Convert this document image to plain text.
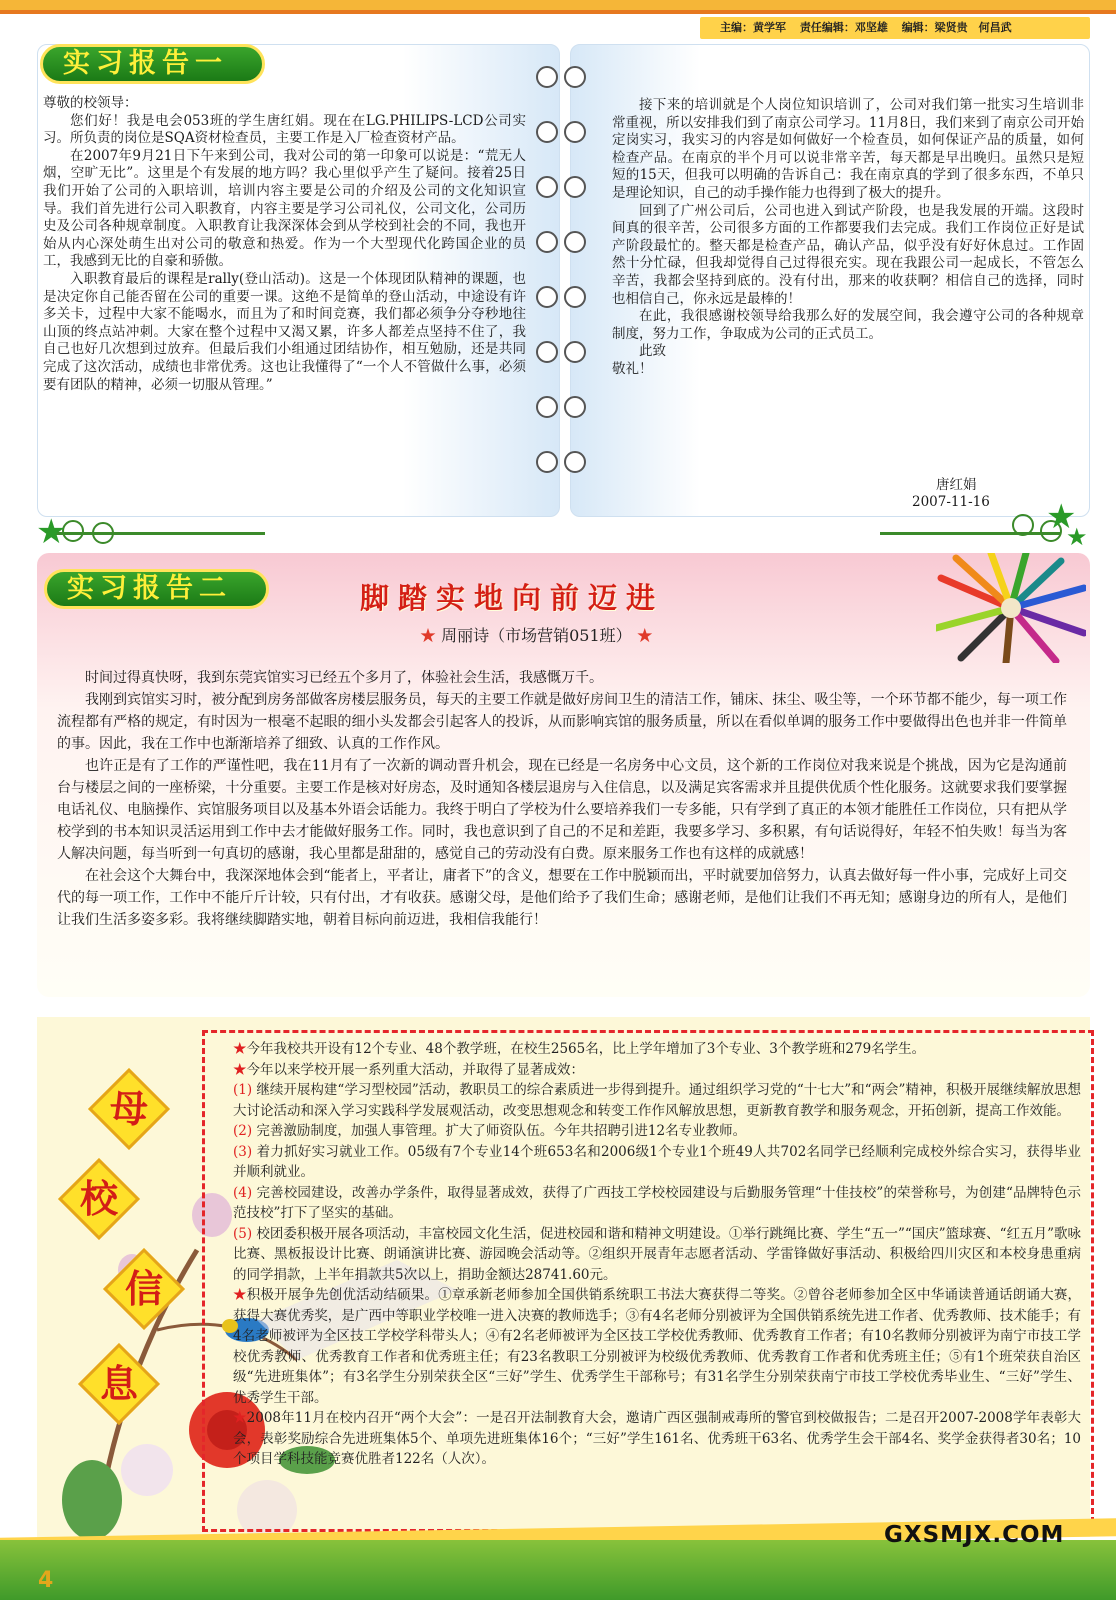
主编：黄学军 责任编辑：邓坚雄 编辑：梁贤贵　何昌武
实习报告一

尊敬的校领导：

您们好！我是电会053班的学生唐红娟。现在在LG.PHILIPS-LCD公司实习。所负责的岗位是SQA资材检查员，主要工作是入厂检查资材产品。

在2007年9月21日下午来到公司，我对公司的第一印象可以说是：“荒无人烟，空旷无比”。这里是个有发展的地方吗？我心里似乎产生了疑问。接着25日我们开始了公司的入职培训，培训内容主要是公司的介绍及公司的文化知识宣导。我们首先进行公司入职教育，内容主要是学习公司礼仪，公司文化，公司历史及公司各种规章制度。入职教育让我深深体会到从学校到社会的不同，我也开始从内心深处萌生出对公司的敬意和热爱。作为一个大型现代化跨国企业的员工，我感到无比的自豪和骄傲。

入职教育最后的课程是rally(登山活动)。这是一个体现团队精神的课题，也是决定你自己能否留在公司的重要一课。这绝不是简单的登山活动，中途设有许多关卡，过程中大家不能喝水，而且为了和时间竞赛，我们都必须争分夺秒地往山顶的终点站冲刺。大家在整个过程中又渴又累，许多人都差点坚持不住了，我自己也好几次想到过放弃。但最后我们小组通过团结协作，相互勉励，还是共同完成了这次活动，成绩也非常优秀。这也让我懂得了“一个人不管做什么事，必须要有团队的精神，必须一切服从管理。”

接下来的培训就是个人岗位知识培训了，公司对我们第一批实习生培训非常重视，所以安排我们到了南京公司学习。11月8日，我们来到了南京公司开始定岗实习，我实习的内容是如何做好一个检查员，如何保证产品的质量，如何检查产品。在南京的半个月可以说非常辛苦，每天都是早出晚归。虽然只是短短的15天，但我可以明确的告诉自己：我在南京真的学到了很多东西，不单只是理论知识，自己的动手操作能力也得到了极大的提升。

回到了广州公司后，公司也进入到试产阶段，也是我发展的开端。这段时间真的很辛苦，公司很多方面的工作都要我们去完成。我们工作岗位正好是试产阶段最忙的。整天都是检查产品，确认产品，似乎没有好好休息过。工作固然十分忙碌，但我却觉得自己过得很充实。现在我跟公司一起成长，不管怎么辛苦，我都会坚持到底的。没有付出，那来的收获啊？相信自己的选择，同时也相信自己，你永远是最棒的！

在此，我很感谢校领导给我那么好的发展空间，我会遵守公司的各种规章制度，努力工作，争取成为公司的正式员工。

此致

敬礼！

唐红娟
2007-11-16
★	★
★
实习报告二	脚踏实地向前迈进
★ 周丽诗（市场营销051班） ★

时间过得真快呀，我到东莞宾馆实习已经五个多月了，体验社会生活，我感慨万千。

我刚到宾馆实习时，被分配到房务部做客房楼层服务员，每天的主要工作就是做好房间卫生的清洁工作，铺床、抹尘、吸尘等，一个环节都不能少，每一项工作流程都有严格的规定，有时因为一根毫不起眼的细小头发都会引起客人的投诉，从而影响宾馆的服务质量，所以在看似单调的服务工作中要做得出色也并非一件简单的事。因此，我在工作中也渐渐培养了细致、认真的工作作风。

也许正是有了工作的严谨性吧，我在11月有了一次新的调动晋升机会，现在已经是一名房务中心文员，这个新的工作岗位对我来说是个挑战，因为它是沟通前台与楼层之间的一座桥梁，十分重要。主要工作是核对好房态，及时通知各楼层退房与入住信息，以及满足宾客需求并且提供优质个性化服务。这就要求我们要掌握电话礼仪、电脑操作、宾馆服务项目以及基本外语会话能力。我终于明白了学校为什么要培养我们一专多能，只有学到了真正的本领才能胜任工作岗位，只有把从学校学到的书本知识灵活运用到工作中去才能做好服务工作。同时，我也意识到了自己的不足和差距，我要多学习、多积累，有句话说得好，年轻不怕失败！每当为客人解决问题，每当听到一句真切的感谢，我心里都是甜甜的，感觉自己的劳动没有白费。原来服务工作也有这样的成就感！

在社会这个大舞台中，我深深地体会到“能者上，平者让，庸者下”的含义，想要在工作中脱颖而出，平时就要加倍努力，认真去做好每一件小事，完成好上司交代的每一项工作，工作中不能斤斤计较，只有付出，才有收获。感谢父母，是他们给予了我们生命；感谢老师，是他们让我们不再无知；感谢身边的所有人，是他们让我们生活多姿多彩。我将继续脚踏实地，朝着目标向前迈进，我相信我能行！

母
校
信
息
★今年我校共开设有12个专业、48个教学班，在校生2565名，比上学年增加了3个专业、3个教学班和279名学生。
★今年以来学校开展一系列重大活动，并取得了显著成效：
(1) 继续开展构建“学习型校园”活动，教职员工的综合素质进一步得到提升。通过组织学习党的“十七大”和“两会”精神，积极开展继续解放思想大讨论活动和深入学习实践科学发展观活动，改变思想观念和转变工作作风解放思想，更新教育教学和服务观念，开拓创新，提高工作效能。
(2) 完善激励制度，加强人事管理。扩大了师资队伍。今年共招聘引进12名专业教师。
(3) 着力抓好实习就业工作。05级有7个专业14个班653名和2006级1个专业1个班49人共702名同学已经顺利完成校外综合实习，获得毕业并顺利就业。
(4) 完善校园建设，改善办学条件，取得显著成效，获得了广西技工学校校园建设与后勤服务管理“十佳技校”的荣誉称号，为创建“品牌特色示范技校”打下了坚实的基础。
(5) 校团委积极开展各项活动，丰富校园文化生活，促进校园和谐和精神文明建设。①举行跳绳比赛、学生“五一”“国庆”篮球赛、“红五月”歌咏比赛、黑板报设计比赛、朗诵演讲比赛、游园晚会活动等。②组织开展青年志愿者活动、学雷锋做好事活动、积极给四川灾区和本校身患重病的同学捐款，上半年捐款共5次以上，捐助金额达28741.60元。
★积极开展争先创优活动结硕果。①章承新老师参加全国供销系统职工书法大赛获得二等奖。②曾谷老师参加全区中华诵读普通话朗诵大赛，获得大赛优秀奖，是广西中等职业学校唯一进入决赛的教师选手；③有4名老师分别被评为全国供销系统先进工作者、优秀教师、技术能手；有4名老师被评为全区技工学校学科带头人；④有2名老师被评为全区技工学校优秀教师、优秀教育工作者；有10名教师分别被评为南宁市技工学校优秀教师、优秀教育工作者和优秀班主任；有23名教职工分别被评为校级优秀教师、优秀教育工作者和优秀班主任；⑤有1个班荣获自治区级“先进班集体”；有3名学生分别荣获全区“三好”学生、优秀学生干部称号；有31名学生分别荣获南宁市技工学校优秀毕业生、“三好”学生、优秀学生干部。
★2008年11月在校内召开“两个大会”：一是召开法制教育大会，邀请广西区强制戒毒所的警官到校做报告；二是召开2007-2008学年表彰大会，表彰奖励综合先进班集体5个、单项先进班集体16个；“三好”学生161名、优秀班干63名、优秀学生会干部4名、奖学金获得者30名；10个项目学科技能竞赛优胜者122名（人次）。
GXSMJX.COM
4
